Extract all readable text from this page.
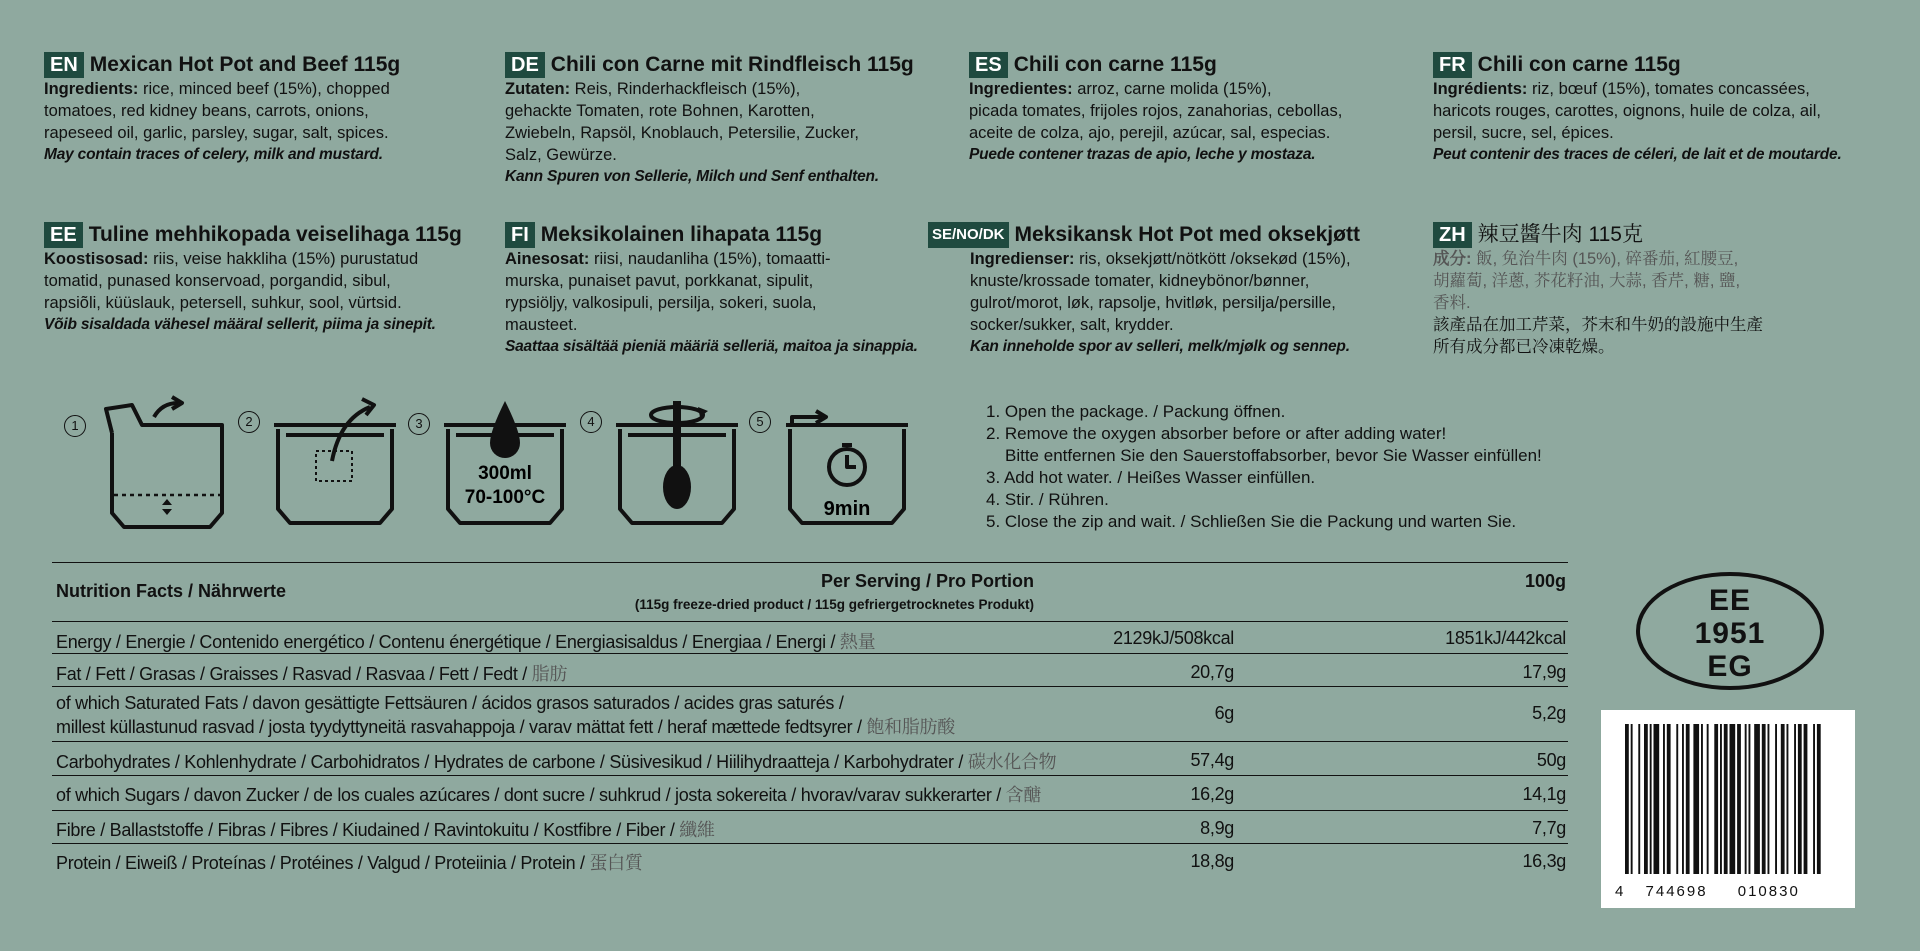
EN Mexican Hot Pot and Beef 115g
Ingredients: rice, minced beef (15%), chopped
tomatoes, red kidney beans, carrots, onions,
rapeseed oil, garlic, parsley, sugar, salt, spices.
May contain traces of celery, milk and mustard.
DE Chili con Carne mit Rindfleisch 115g
Zutaten: Reis, Rinderhackfleisch (15%),
gehackte Tomaten, rote Bohnen, Karotten,
Zwiebeln, Rapsöl, Knoblauch, Petersilie, Zucker,
Salz, Gewürze.
Kann Spuren von Sellerie, Milch und Senf enthalten.
ES Chili con carne 115g
Ingredientes: arroz, carne molida (15%),
picada tomates, frijoles rojos, zanahorias, cebollas,
aceite de colza, ajo, perejil, azúcar, sal, especias.
Puede contener trazas de apio, leche y mostaza.
FR Chili con carne 115g
Ingrédients: riz, bœuf (15%), tomates concassées,
haricots rouges, carottes, oignons, huile de colza, ail,
persil, sucre, sel, épices.
Peut contenir des traces de céleri, de lait et de moutarde.
EE Tuline mehhikopada veiselihaga 115g
Koostisosad: riis, veise hakkliha (15%) purustatud
tomatid, punased konservoad, porgandid, sibul,
rapsiõli, küüslauk, petersell, suhkur, sool, vürtsid.
Võib sisaldada vähesel määral sellerit, piima ja sinepit.
FI Meksikolainen lihapata 115g
Ainesosat: riisi, naudanliha (15%), tomaatti-
murska, punaiset pavut, porkkanat, sipulit,
rypsiöljy, valkosipuli, persilja, sokeri, suola,
mausteet.
Saattaa sisältää pieniä määriä selleriä, maitoa ja sinappia.
SE/NO/DK Meksikansk Hot Pot med oksekjøtt
Ingredienser: ris, oksekjøtt/nötkött /oksekød (15%),
knuste/krossade tomater, kidneybönor/bønner,
gulrot/morot, løk, rapsolje, hvitløk, persilja/persille,
socker/sukker, salt, krydder.
Kan inneholde spor av selleri, melk/mjølk og sennep.
ZH 辣豆醬牛肉 115克
成分: 飯, 免治牛肉 (15%), 碎番茄, 紅腰豆,
胡蘿蔔, 洋蔥, 芥花籽油, 大蒜, 香芹, 糖, 鹽,
香料.
該產品在加工芹菜，芥末和牛奶的設施中生產
所有成分都已冷凍乾燥。
1	2	3	4	5
300ml
70-100°C
9min
1. Open the package. / Packung öffnen.
2. Remove the oxygen absorber before or after adding water!
Bitte entfernen Sie den Sauerstoffabsorber, bevor Sie Wasser einfüllen!
3. Add hot water. / Heißes Wasser einfüllen.
4. Stir. / Rühren.
5. Close the zip and wait. / Schließen Sie die Packung und warten Sie.
Nutrition Facts / Nährwerte	Per Serving / Pro Portion
(115g freeze-dried product / 115g gefriergetrocknetes Produkt)
100g
Energy / Energie / Contenido energético / Contenu énergétique / Energiasisaldus / Energiaa / Energi / 熱量	2129kJ/508kcal	1851kJ/442kcal
Fat / Fett / Grasas / Graisses / Rasvad / Rasvaa / Fett / Fedt / 脂肪	20,7g	17,9g
of which Saturated Fats / davon gesättigte Fettsäuren / ácidos grasos saturados / acides gras saturés /
millest küllastunud rasvad / josta tyydyttyneitä rasvahappoja / varav mättat fett / heraf mættede fedtsyrer / 飽和脂肪酸
6g	5,2g
Carbohydrates / Kohlenhydrate / Carbohidratos / Hydrates de carbone / Süsivesikud / Hiilihydraatteja / Karbohydrater / 碳水化合物	57,4g	50g
of which Sugars / davon Zucker / de los cuales azúcares / dont sucre / suhkrud / josta sokereita / hvorav/varav sukkerarter / 含醣	16,2g	14,1g
Fibre / Ballaststoffe / Fibras / Fibres / Kiudained / Ravintokuitu / Kostfibre / Fiber / 纖維	8,9g	7,7g
Protein / Eiweiß / Proteínas / Protéines / Valgud / Proteiinia / Protein / 蛋白質	18,8g	16,3g
EE
1951
EG
4 744698 010830
